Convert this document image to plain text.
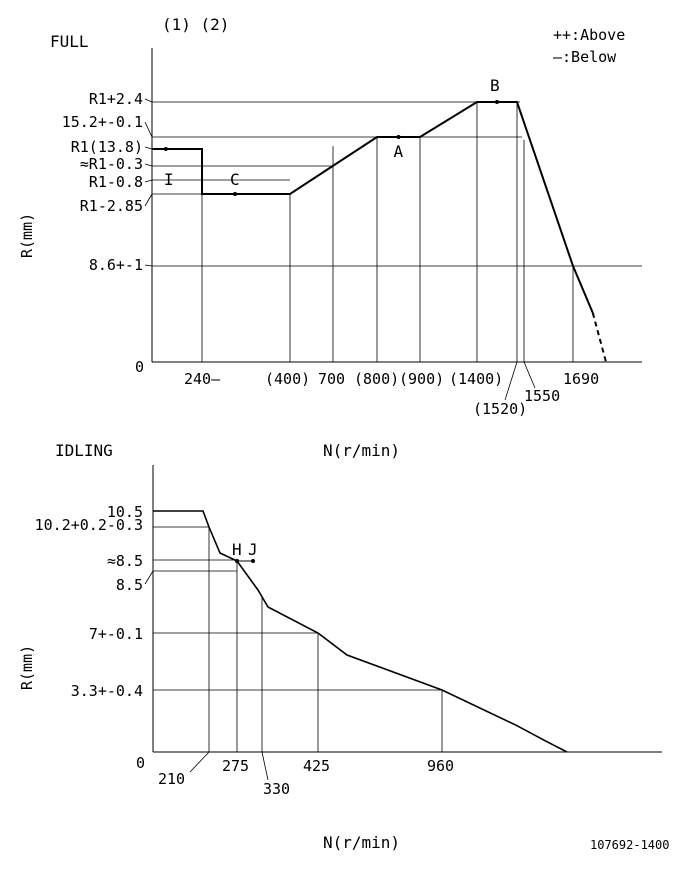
FULL
(1) (2)
++:Above
—:Below
R1+2.4
15.2+-0.1
R1(13.8)
≈R1-0.3
R1-0.8
R1-2.85
8.6+-1
240—	(400) 700 (800) (900) (1400)
(1520)
1550
1690
I	C
A
B
0
R(mm)
N(r/min)
IDLING
10.5
10.2+0.2-0.3
≈8.5
8.5
7+-0.1
3.3+-0.4
210
275
330
425	960
H J
0
R(mm)
N(r/min)	107692-1400
